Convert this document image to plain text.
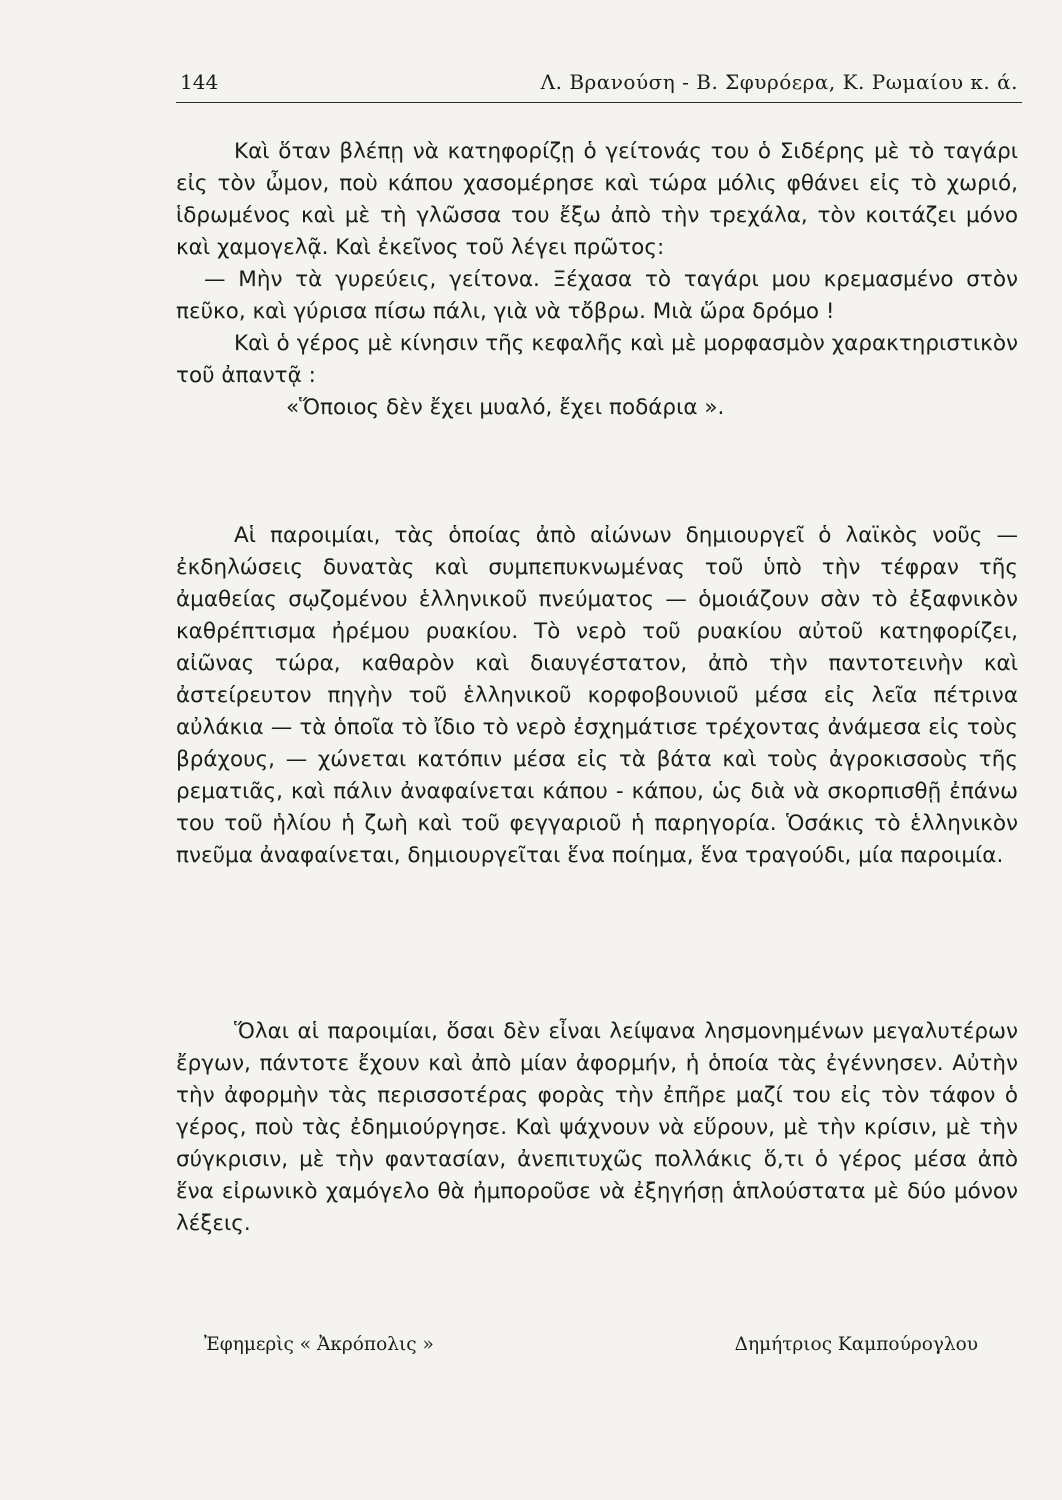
144	Λ. Βρανούση - Β. Σφυρόερα, Κ. Ρωμαίου κ. ά.

Καὶ ὅταν βλέπῃ νὰ κατηφορίζῃ ὁ γείτονάς του ὁ Σιδέρης μὲ τὸ ταγάρι εἰς τὸν ὦμον, ποὺ κάπου χασομέρησε καὶ τώρα μόλις φθάνει εἰς τὸ χωριό, ἱδρωμένος καὶ μὲ τὴ γλῶσσα του ἔξω ἀπὸ τὴν τρεχάλα, τὸν κοιτάζει μόνο καὶ χαμογελᾷ. Καὶ ἐκεῖνος τοῦ λέγει πρῶτος:

— Μὴν τὰ γυρεύεις, γείτονα. Ξέχασα τὸ ταγάρι μου κρεμασμένο στὸν πεῦκο, καὶ γύρισα πίσω πάλι, γιὰ νὰ τὄβρω. Μιὰ ὥρα δρόμο !

Καὶ ὁ γέρος μὲ κίνησιν τῆς κεφαλῆς καὶ μὲ μορφασμὸν χαρακτηριστικὸν τοῦ ἀπαντᾷ :

«Ὅποιος δὲν ἔχει μυαλό, ἔχει ποδάρια ».

Αἱ παροιμίαι, τὰς ὁποίας ἀπὸ αἰώνων δημιουργεῖ ὁ λαϊκὸς νοῦς — ἐκδηλώσεις δυνατὰς καὶ συμπεπυκνωμένας τοῦ ὑπὸ τὴν τέφραν τῆς ἀμαθείας σῳζομένου ἑλληνικοῦ πνεύματος — ὁμοιάζουν σὰν τὸ ἐξαφνικὸν καθρέπτισμα ἠρέμου ρυακίου. Τὸ νερὸ τοῦ ρυακίου αὐτοῦ κατηφορίζει, αἰῶνας τώρα, καθαρὸν καὶ διαυγέστατον, ἀπὸ τὴν παντοτεινὴν καὶ ἀστείρευτον πηγὴν τοῦ ἑλληνικοῦ κορφοβουνιοῦ μέσα εἰς λεῖα πέτρινα αὐλάκια — τὰ ὁποῖα τὸ ἴδιο τὸ νερὸ ἐσχημάτισε τρέχοντας ἀνάμεσα εἰς τοὺς βράχους, — χώνεται κατόπιν μέσα εἰς τὰ βάτα καὶ τοὺς ἀγροκισσοὺς τῆς ρεματιᾶς, καὶ πάλιν ἀναφαίνεται κάπου - κάπου, ὡς διὰ νὰ σκορπισθῇ ἐπάνω του τοῦ ἡλίου ἡ ζωὴ καὶ τοῦ φεγγαριοῦ ἡ παρηγορία. Ὁσάκις τὸ ἑλληνικὸν πνεῦμα ἀναφαίνεται, δημιουργεῖται ἕνα ποίημα, ἕνα τραγούδι, μία παροιμία.

Ὅλαι αἱ παροιμίαι, ὅσαι δὲν εἶναι λείψανα λησμονημένων μεγαλυτέρων ἔργων, πάντοτε ἔχουν καὶ ἀπὸ μίαν ἀφορμήν, ἡ ὁποία τὰς ἐγέννησεν. Αὐτὴν τὴν ἀφορμὴν τὰς περισσοτέρας φορὰς τὴν ἐπῆρε μαζί του εἰς τὸν τάφον ὁ γέρος, ποὺ τὰς ἐδημιούργησε. Καὶ ψάχνουν νὰ εὕρουν, μὲ τὴν κρίσιν, μὲ τὴν σύγκρισιν, μὲ τὴν φαντασίαν, ἀνεπιτυχῶς πολλάκις ὅ,τι ὁ γέρος μέσα ἀπὸ ἕνα εἰρωνικὸ χαμόγελο θὰ ἠμποροῦσε νὰ ἐξηγήσῃ ἁπλούστατα μὲ δύο μόνον λέξεις.

Ἐφημερὶς « Ἀκρόπολις »	Δημήτριος Καμπούρογλου
